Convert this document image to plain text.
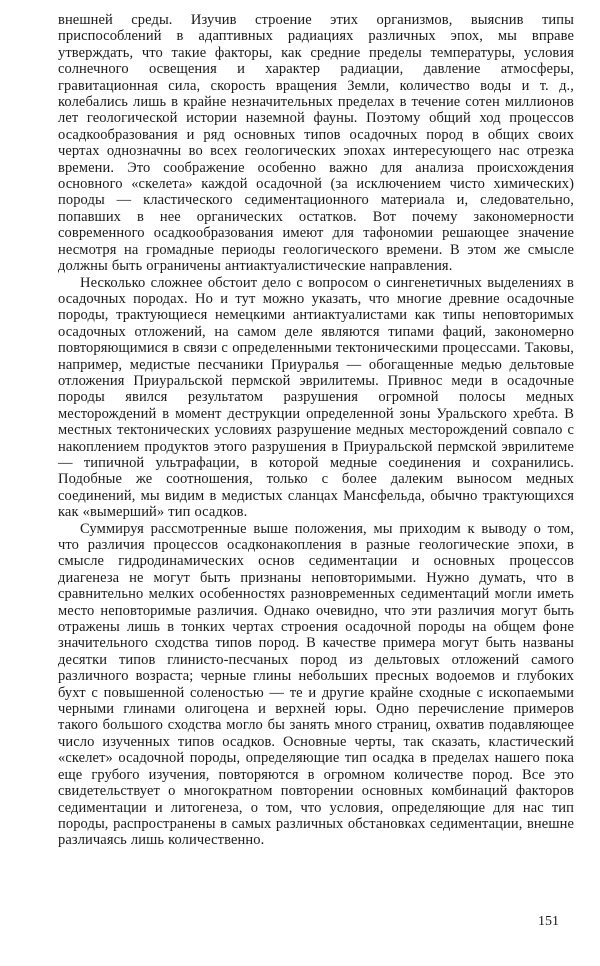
внешней среды. Изучив строение этих организмов, выяснив типы приспособлений в адаптивных радиациях различных эпох, мы вправе утверждать, что такие факторы, как средние пределы температуры, условия солнечного освещения и характер радиации, давление атмосферы, гравитационная сила, скорость вращения Земли, количество воды и т. д., колебались лишь в крайне незначительных пределах в течение сотен миллионов лет геологической истории наземной фауны. Поэтому общий ход процессов осадкообразования и ряд основных типов осадочных пород в общих своих чертах однозначны во всех геологических эпохах интересующего нас отрезка времени. Это соображение особенно важно для анализа происхождения основного «скелета» каждой осадочной (за исключением чисто химических) породы — кластического седиментационного материала и, следовательно, попавших в нее органических остатков. Вот почему закономерности современного осадкообразования имеют для тафономии решающее значение несмотря на громадные периоды геологического времени. В этом же смысле должны быть ограничены антиактуалистические направления.

Несколько сложнее обстоит дело с вопросом о сингенетичных выделениях в осадочных породах. Но и тут можно указать, что многие древние осадочные породы, трактующиеся немецкими антиактуалистами как типы неповторимых осадочных отложений, на самом деле являются типами фаций, закономерно повторяющимися в связи с определенными тектоническими процессами. Таковы, например, медистые песчаники Приуралья — обогащенные медью дельтовые отложения Приуральской пермской эврилитемы. Привнос меди в осадочные породы явился результатом разрушения огромной полосы медных месторождений в момент деструкции определенной зоны Уральского хребта. В местных тектонических условиях разрушение медных месторождений совпало с накоплением продуктов этого разрушения в Приуральской пермской эврилитеме — типичной ультрафации, в которой медные соединения и сохранились. Подобные же соотношения, только с более далеким выносом медных соединений, мы видим в медистых сланцах Мансфельда, обычно трактующихся как «вымерший» тип осадков.

Суммируя рассмотренные выше положения, мы приходим к выводу о том, что различия процессов осадконакопления в разные геологические эпохи, в смысле гидродинамических основ седиментации и основных процессов диагенеза не могут быть признаны неповторимыми. Нужно думать, что в сравнительно мелких особенностях разновременных седиментаций могли иметь место неповторимые различия. Однако очевидно, что эти различия могут быть отражены лишь в тонких чертах строения осадочной породы на общем фоне значительного сходства типов пород. В качестве примера могут быть названы десятки типов глинисто-песчаных пород из дельтовых отложений самого различного возраста; черные глины небольших пресных водоемов и глубоких бухт с повышенной соленостью — те и другие крайне сходные с ископаемыми черными глинами олигоцена и верхней юры. Одно перечисление примеров такого большого сходства могло бы занять много страниц, охватив подавляющее число изученных типов осадков. Основные черты, так сказать, кластический «скелет» осадочной породы, определяющие тип осадка в пределах нашего пока еще грубого изучения, повторяются в огромном количестве пород. Все это свидетельствует о многократном повторении основных комбинаций факторов седиментации и литогенеза, о том, что условия, определяющие для нас тип породы, распространены в самых различных обстановках седиментации, внешне различаясь лишь количественно.

151
